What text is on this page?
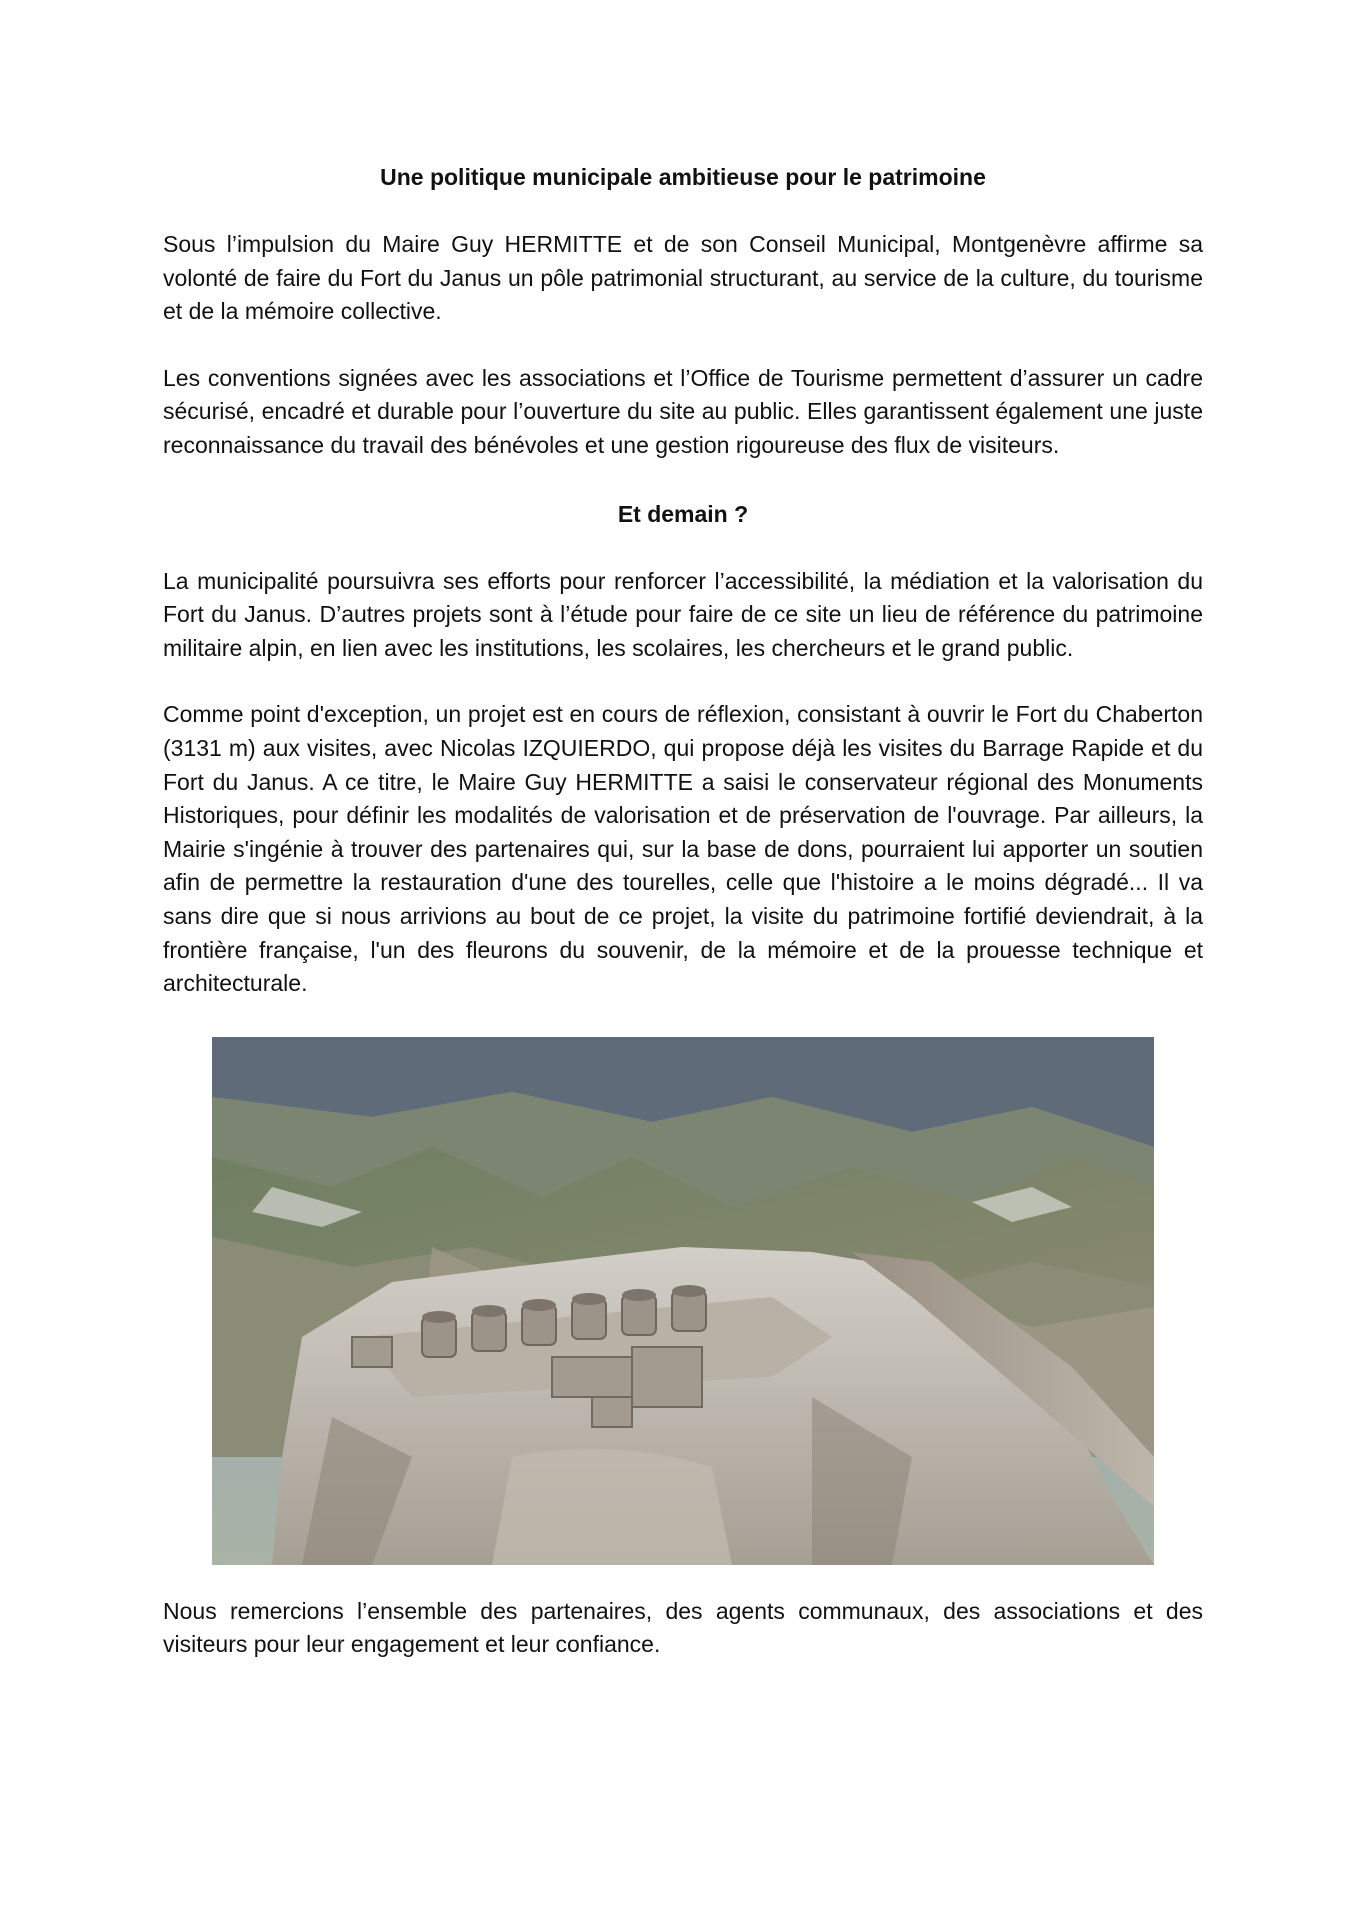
Une politique municipale ambitieuse pour le patrimoine

Sous l’impulsion du Maire Guy HERMITTE et de son Conseil Municipal, Montgenèvre affirme sa volonté de faire du Fort du Janus un pôle patrimonial structurant, au service de la culture, du tourisme et de la mémoire collective.

Les conventions signées avec les associations et l’Office de Tourisme permettent d’assurer un cadre sécurisé, encadré et durable pour l’ouverture du site au public. Elles garantissent également une juste reconnaissance du travail des bénévoles et une gestion rigoureuse des flux de visiteurs.

Et demain ?

La municipalité poursuivra ses efforts pour renforcer l’accessibilité, la médiation et la valorisation du Fort du Janus. D’autres projets sont à l’étude pour faire de ce site un lieu de référence du patrimoine militaire alpin, en lien avec les institutions, les scolaires, les chercheurs et le grand public.

Comme point d'exception, un projet est en cours de réflexion, consistant à ouvrir le Fort du Chaberton (3131 m) aux visites, avec Nicolas IZQUIERDO, qui propose déjà les visites du Barrage Rapide et du Fort du Janus. A ce titre, le Maire Guy HERMITTE a saisi le conservateur régional des Monuments Historiques, pour définir les modalités de valorisation et de préservation de l'ouvrage. Par ailleurs, la Mairie s'ingénie à trouver des partenaires qui, sur la base de dons, pourraient lui apporter un soutien afin de permettre la restauration d'une des tourelles, celle que l'histoire a le moins dégradé... Il va sans dire que si nous arrivions au bout de ce projet, la visite du patrimoine fortifié deviendrait, à la frontière française, l'un des fleurons du souvenir, de la mémoire et de la prouesse technique et architecturale.

Nous remercions l’ensemble des partenaires, des agents communaux, des associations et des visiteurs pour leur engagement et leur confiance.
